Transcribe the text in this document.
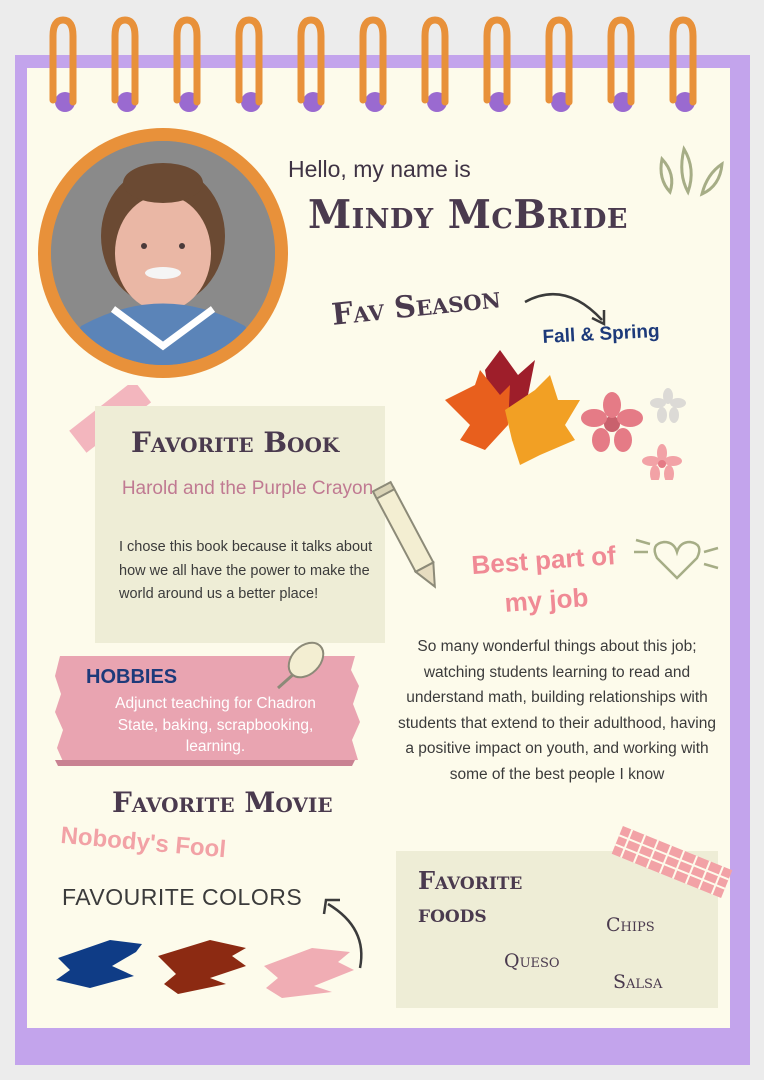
Hello, my name is
Mindy McBride
Fav Season
Fall & Spring
Favorite Book
Harold and the Purple Crayon
I chose this book because it talks about how we all have the power to make the world around us a better place!
Best part of my job
So many wonderful things about this job; watching students learning to read and understand math, building relationships with students that extend to their adulthood, having a positive impact on youth, and working with some of the best people I know
HOBBIES
Adjunct teaching for Chadron State, baking, scrapbooking, learning.
Favorite Movie
Nobody's Fool
FAVOURITE COLORS
Favorite foods	Chips
Queso
Salsa
